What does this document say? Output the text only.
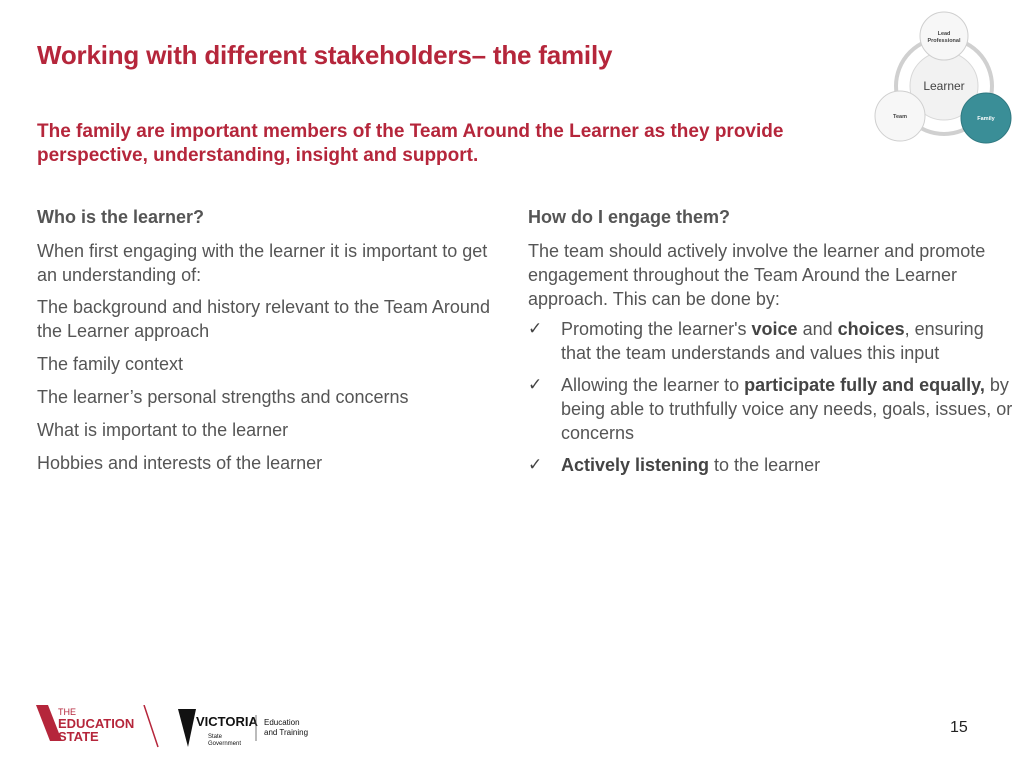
Working with different stakeholders– the family

The family are important members of the Team Around the Learner as they provide perspective, understanding, insight and support.

Learner
Lead
Professional
Team	Family

Who is the learner?

When first engaging with the learner it is important to get an understanding of:

The background and history relevant to the Team Around the Learner approach

The family context

The learner’s personal strengths and concerns

What is important to the learner

Hobbies and interests of the learner

How do I engage them?

The team should actively involve the learner and promote engagement throughout the Team Around the Learner approach. This can be done by:

✓ Promoting the learner's voice and choices, ensuring that the team understands and values this input
✓ Allowing the learner to participate fully and equally, by being able to truthfully voice any needs, goals, issues, or concerns
✓ Actively listening to the learner
THE
EDUCATION
STATE
VICTORIA
State
Government
Education
and Training	15
